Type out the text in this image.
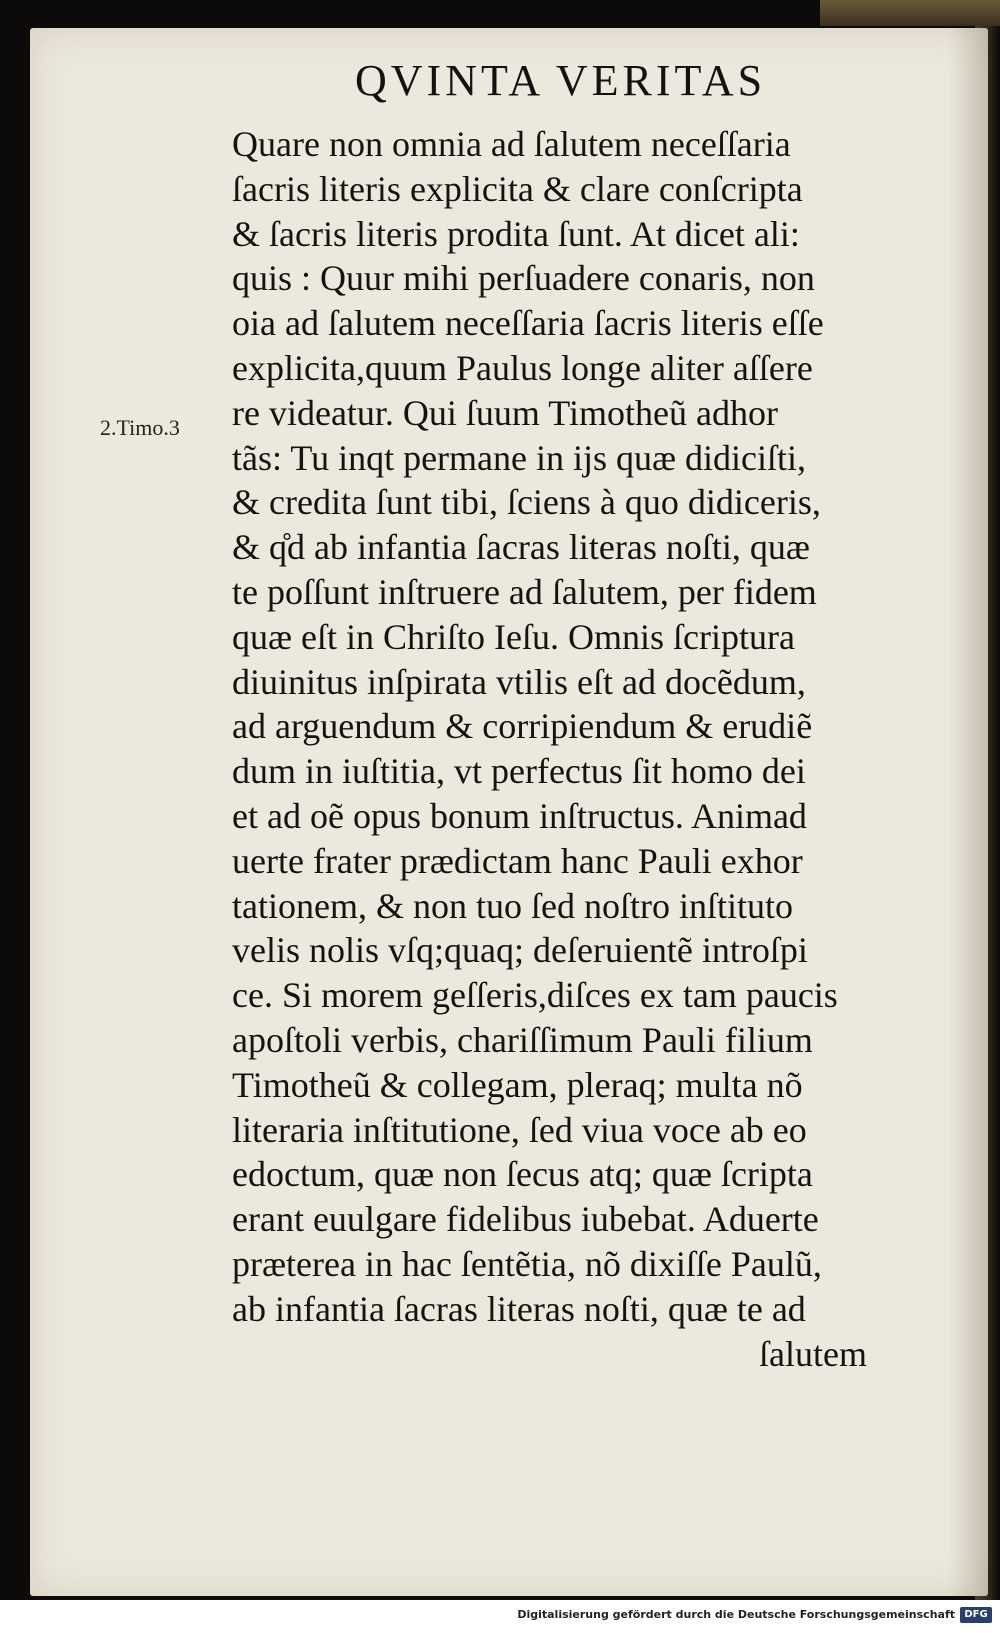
QVINTA VERITAS
2.Timo.3
Quare non omnia ad ſalutem neceſſaria
ſacris literis explicita & clare conſcripta
& ſacris literis prodita ſunt. At dicet ali:
quis : Quur mihi perſuadere conaris, non
oia ad ſalutem neceſſaria ſacris literis eſſe
explicita,quum Paulus longe aliter aſſere
re videatur. Qui ſuum Timotheũ adhor
tãs: Tu inqt permane in ijs quæ didiciſti,
& credita ſunt tibi, ſciens à quo didiceris,
& q̊d ab infantia ſacras literas noſti, quæ
te poſſunt inſtruere ad ſalutem, per fidem
quæ eſt in Chriſto Ieſu. Omnis ſcriptura
diuinitus inſpirata vtilis eſt ad docẽdum,
ad arguendum & corripiendum & erudiẽ
dum in iuſtitia, vt perfectus ſit homo dei
et ad oẽ opus bonum inſtructus. Animad
uerte frater prædictam hanc Pauli exhor
tationem, & non tuo ſed noſtro inſtituto
velis nolis vſq;quaq; deſeruientẽ introſpi
ce. Si morem geſſeris,diſces ex tam paucis
apoſtoli verbis, chariſſimum Pauli filium
Timotheũ & collegam, pleraq; multa nõ
literaria inſtitutione, ſed viua voce ab eo
edoctum, quæ non ſecus atq; quæ ſcripta
erant euulgare fidelibus iubebat. Aduerte
præterea in hac ſentẽtia, nõ dixiſſe Paulũ,
ab infantia ſacras literas noſti, quæ te ad
ſalutem
Digitalisierung gefördert durch die Deutsche Forschungsgemeinschaft DFG
